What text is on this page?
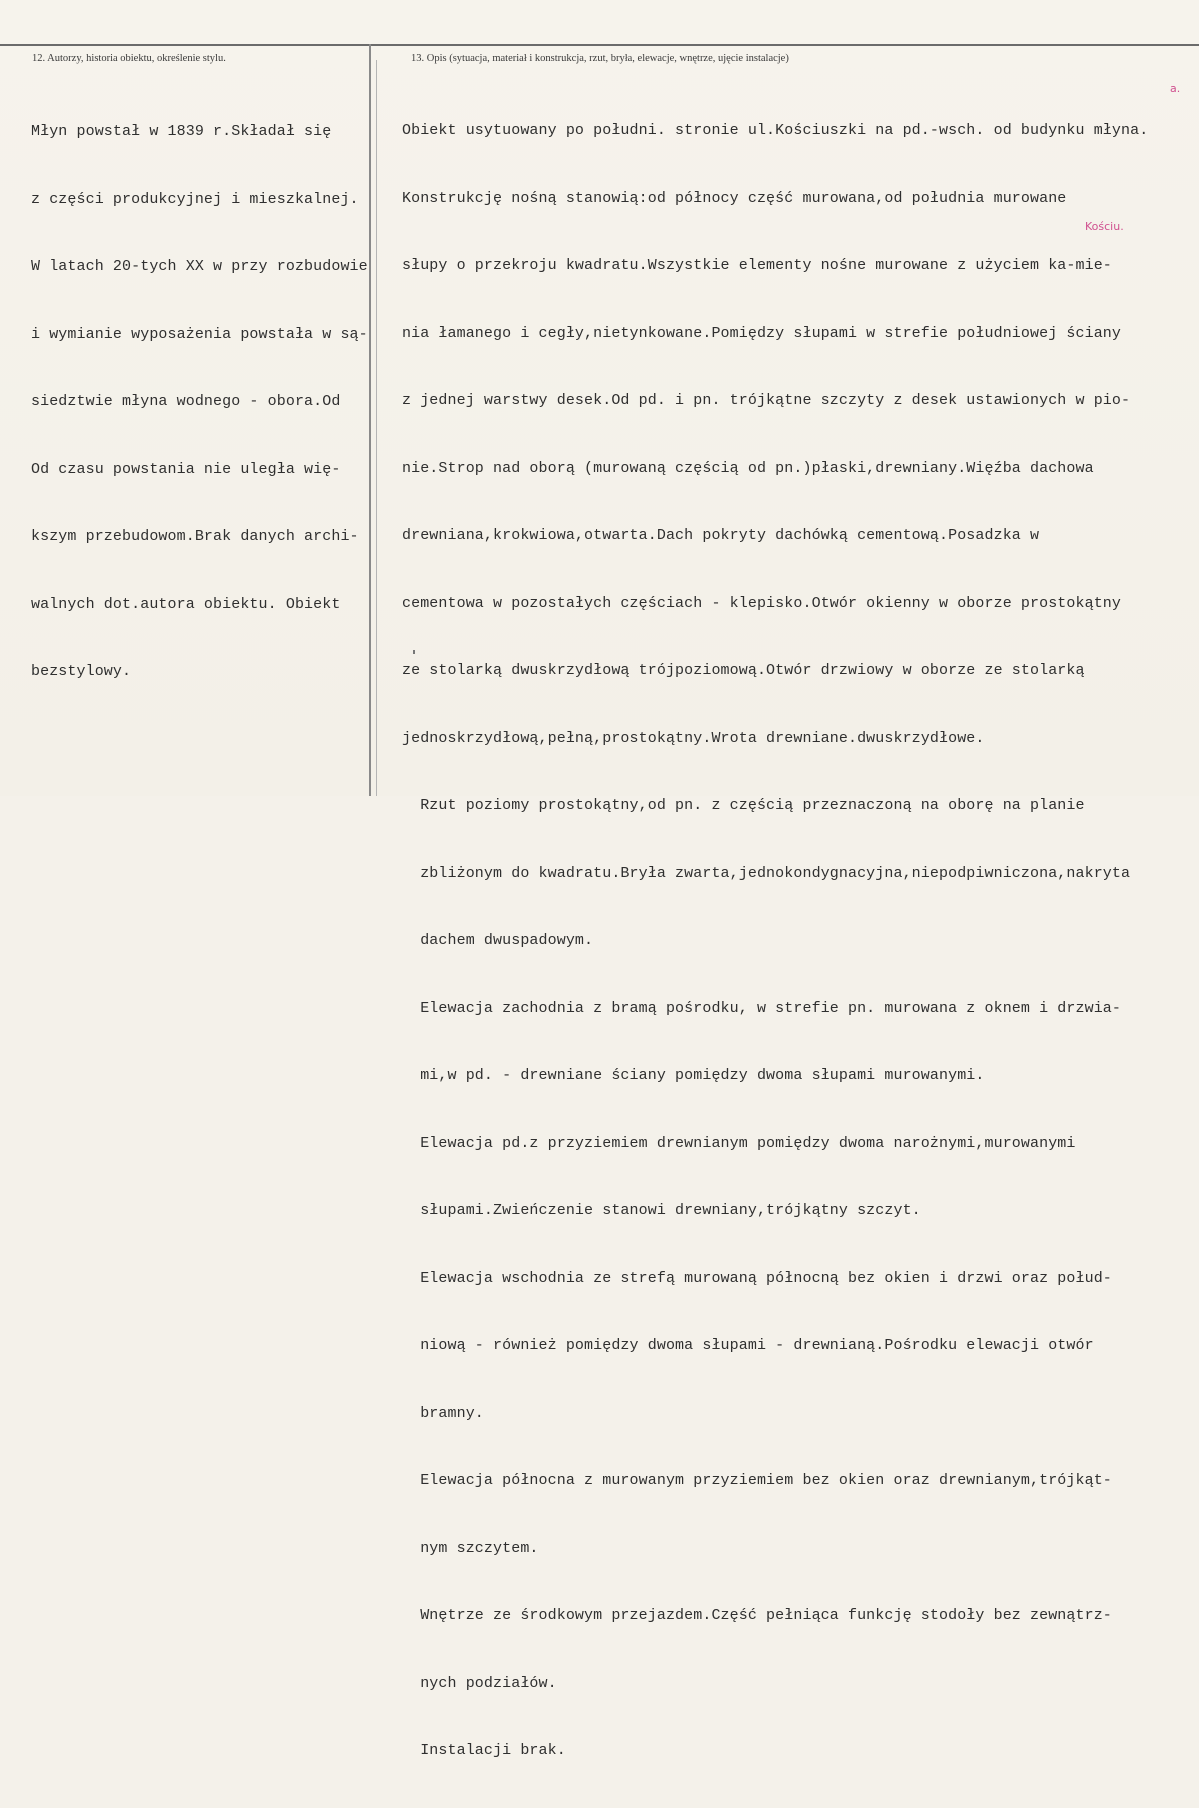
12. Autorzy, historia obiektu, określenie stylu.	13. Opis (sytuacja, materiał i konstrukcja, rzut, bryła, elewacje, wnętrze, ujęcie instalacje)

Młyn powstał w 1839 r.Składał się

z części produkcyjnej i mieszkalnej.

W latach 20-tych XX w przy rozbudowie

i wymianie wyposażenia powstała w są-

siedztwie młyna wodnego - obora.Od

Od czasu powstania nie uległa wię-

kszym przebudowom.Brak danych archi-

walnych dot.autora obiektu. Obiekt

bezstylowy.

Obiekt usytuowany po południ. stronie ul.Kościuszki na pd.-wsch. od budynku młyna.

Konstrukcję nośną stanowią:od północy część murowana,od południa murowane

słupy o przekroju kwadratu.Wszystkie elementy nośne murowane z użyciem ka-mie-

nia łamanego i cegły,nietynkowane.Pomiędzy słupami w strefie południowej ściany

z jednej warstwy desek.Od pd. i pn. trójkątne szczyty z desek ustawionych w pio-

nie.Strop nad oborą (murowaną częścią od pn.)płaski,drewniany.Więźba dachowa

drewniana,krokwiowa,otwarta.Dach pokryty dachówką cementową.Posadzka w

cementowa w pozostałych częściach - klepisko.Otwór okienny w oborze prostokątny

ze stolarką dwuskrzydłową trójpoziomową.Otwór drzwiowy w oborze ze stolarką

jednoskrzydłową,pełną,prostokątny.Wrota drewniane.dwuskrzydłowe.

Rzut poziomy prostokątny,od pn. z częścią przeznaczoną na oborę na planie

zbliżonym do kwadratu.Bryła zwarta,jednokondygnacyjna,niepodpiwniczona,nakryta

dachem dwuspadowym.

Elewacja zachodnia z bramą pośrodku, w strefie pn. murowana z oknem i drzwia-

mi,w pd. - drewniane ściany pomiędzy dwoma słupami murowanymi.

Elewacja pd.z przyziemiem drewnianym pomiędzy dwoma narożnymi,murowanymi

słupami.Zwieńczenie stanowi drewniany,trójkątny szczyt.

Elewacja wschodnia ze strefą murowaną północną bez okien i drzwi oraz połud-

niową - również pomiędzy dwoma słupami - drewnianą.Pośrodku elewacji otwór

bramny.

Elewacja północna z murowanym przyziemiem bez okien oraz drewnianym,trójkąt-

nym szczytem.

Wnętrze ze środkowym przejazdem.Część pełniąca funkcję stodoły bez zewnątrz-

nych podziałów.

Instalacji brak.

a.
Kościu.
